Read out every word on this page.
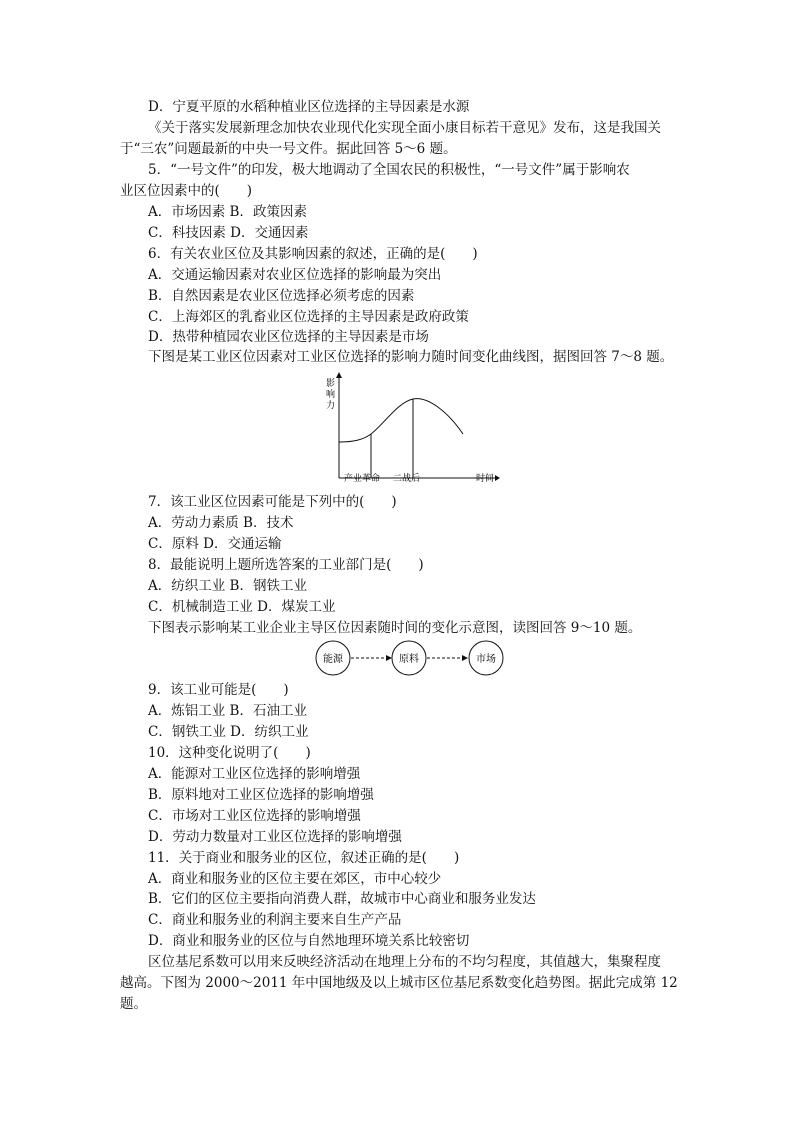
D．宁夏平原的水稻种植业区位选择的主导因素是水源
《关于落实发展新理念加快农业现代化实现全面小康目标若干意见》发布，这是我国关
于“三农”问题最新的中央一号文件。据此回答 5～6 题。
5．“一号文件”的印发，极大地调动了全国农民的积极性，“一号文件”属于影响农
业区位因素中的(　　)
A．市场因素 B．政策因素
C．科技因素 D．交通因素
6．有关农业区位及其影响因素的叙述，正确的是(　　)
A．交通运输因素对农业区位选择的影响最为突出
B．自然因素是农业区位选择必须考虑的因素
C．上海郊区的乳畜业区位选择的主导因素是政府政策
D．热带种植园农业区位选择的主导因素是市场
下图是某工业区位因素对工业区位选择的影响力随时间变化曲线图，据图回答 7～8 题。
影
响
力
产业革命 二战后	时间
7．该工业区位因素可能是下列中的(　　)
A．劳动力素质 B．技术
C．原料 D．交通运输
8．最能说明上题所选答案的工业部门是(　　)
A．纺织工业 B．钢铁工业
C．机械制造工业 D．煤炭工业
下图表示影响某工业企业主导区位因素随时间的变化示意图，读图回答 9～10 题。
能源	原料	市场
9．该工业可能是(　　)
A．炼铝工业 B．石油工业
C．钢铁工业 D．纺织工业
10．这种变化说明了(　　)
A．能源对工业区位选择的影响增强
B．原料地对工业区位选择的影响增强
C．市场对工业区位选择的影响增强
D．劳动力数量对工业区位选择的影响增强
11．关于商业和服务业的区位，叙述正确的是(　　)
A．商业和服务业的区位主要在郊区，市中心较少
B．它们的区位主要指向消费人群，故城市中心商业和服务业发达
C．商业和服务业的利润主要来自生产产品
D．商业和服务业的区位与自然地理环境关系比较密切
区位基尼系数可以用来反映经济活动在地理上分布的不均匀程度，其值越大，集聚程度
越高。下图为 2000～2011 年中国地级及以上城市区位基尼系数变化趋势图。据此完成第 12
题。
